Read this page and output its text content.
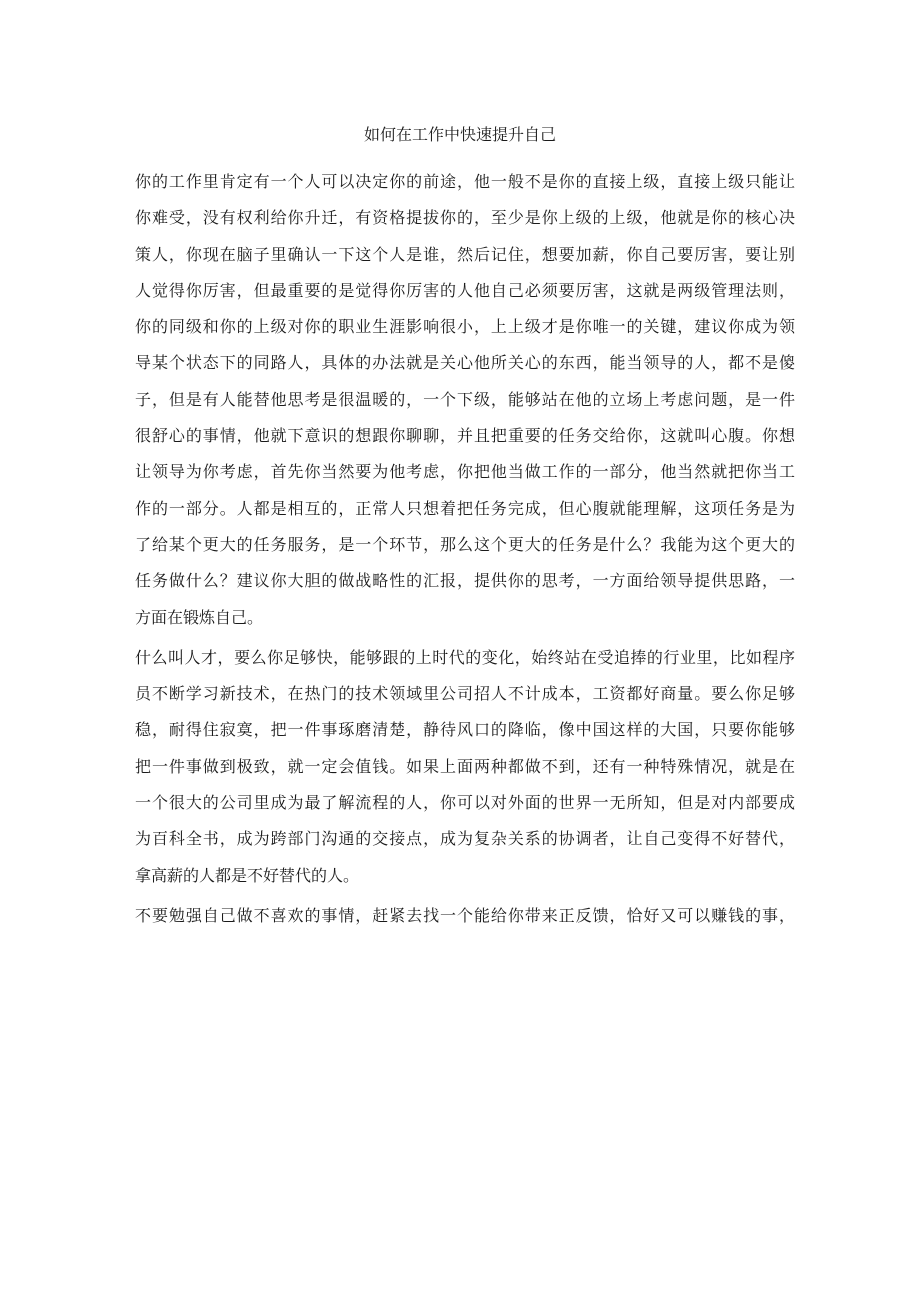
如何在工作中快速提升自己
你的工作里肯定有一个人可以决定你的前途，他一般不是你的直接上级，直接上级只能让
你难受，没有权利给你升迁，有资格提拔你的，至少是你上级的上级，他就是你的核心决
策人，你现在脑子里确认一下这个人是谁，然后记住，想要加薪，你自己要厉害，要让别
人觉得你厉害，但最重要的是觉得你厉害的人他自己必须要厉害，这就是两级管理法则，
你的同级和你的上级对你的职业生涯影响很小，上上级才是你唯一的关键，建议你成为领
导某个状态下的同路人，具体的办法就是关心他所关心的东西，能当领导的人，都不是傻
子，但是有人能替他思考是很温暖的，一个下级，能够站在他的立场上考虑问题，是一件
很舒心的事情，他就下意识的想跟你聊聊，并且把重要的任务交给你，这就叫心腹。你想
让领导为你考虑，首先你当然要为他考虑，你把他当做工作的一部分，他当然就把你当工
作的一部分。人都是相互的，正常人只想着把任务完成，但心腹就能理解，这项任务是为
了给某个更大的任务服务，是一个环节，那么这个更大的任务是什么？我能为这个更大的
任务做什么？建议你大胆的做战略性的汇报，提供你的思考，一方面给领导提供思路，一
方面在锻炼自己。
什么叫人才，要么你足够快，能够跟的上时代的变化，始终站在受追捧的行业里，比如程序
员不断学习新技术，在热门的技术领域里公司招人不计成本，工资都好商量。要么你足够
稳，耐得住寂寞，把一件事琢磨清楚，静待风口的降临，像中国这样的大国，只要你能够
把一件事做到极致，就一定会值钱。如果上面两种都做不到，还有一种特殊情况，就是在
一个很大的公司里成为最了解流程的人，你可以对外面的世界一无所知，但是对内部要成
为百科全书，成为跨部门沟通的交接点，成为复杂关系的协调者，让自己变得不好替代，
拿高薪的人都是不好替代的人。
不要勉强自己做不喜欢的事情，赶紧去找一个能给你带来正反馈，恰好又可以赚钱的事，
